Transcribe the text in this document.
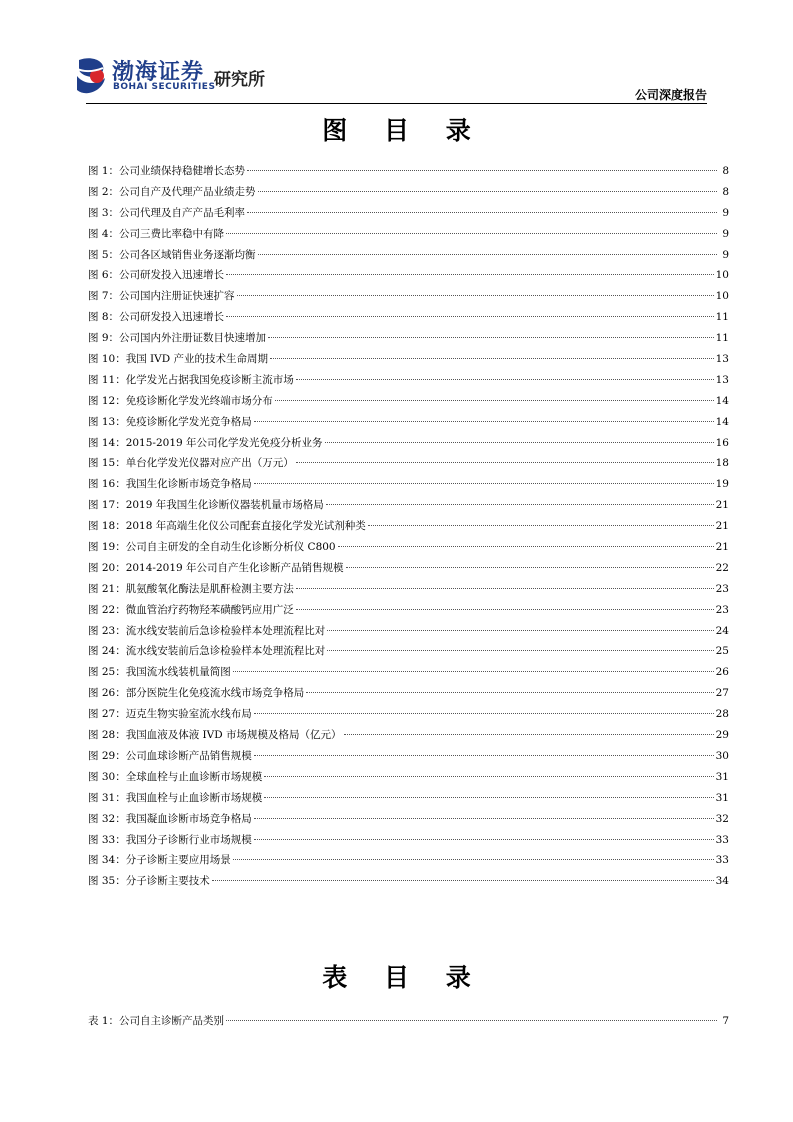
渤海证券
BOHAI SECURITIES
研究所
公司深度报告
图 目 录
图 1：公司业绩保持稳健增长态势	8
图 2：公司自产及代理产品业绩走势	8
图 3：公司代理及自产产品毛利率	9
图 4：公司三费比率稳中有降	9
图 5：公司各区域销售业务逐渐均衡	9
图 6：公司研发投入迅速增长	10
图 7：公司国内注册证快速扩容	10
图 8：公司研发投入迅速增长	11
图 9：公司国内外注册证数目快速增加	11
图 10：我国 IVD 产业的技术生命周期	13
图 11：化学发光占据我国免疫诊断主流市场	13
图 12：免疫诊断化学发光终端市场分布	14
图 13：免疫诊断化学发光竞争格局	14
图 14：2015-2019 年公司化学发光免疫分析业务	16
图 15：单台化学发光仪器对应产出（万元）	18
图 16：我国生化诊断市场竞争格局	19
图 17：2019 年我国生化诊断仪器装机量市场格局	21
图 18：2018 年高端生化仪公司配套直接化学发光试剂种类	21
图 19：公司自主研发的全自动生化诊断分析仪 C800	21
图 20：2014-2019 年公司自产生化诊断产品销售规模	22
图 21：肌氨酸氧化酶法是肌酐检测主要方法	23
图 22：微血管治疗药物羟苯磺酸钙应用广泛	23
图 23：流水线安装前后急诊检验样本处理流程比对	24
图 24：流水线安装前后急诊检验样本处理流程比对	25
图 25：我国流水线装机量简图	26
图 26：部分医院生化免疫流水线市场竞争格局	27
图 27：迈克生物实验室流水线布局	28
图 28：我国血液及体液 IVD 市场规模及格局（亿元）	29
图 29：公司血球诊断产品销售规模	30
图 30：全球血栓与止血诊断市场规模	31
图 31：我国血栓与止血诊断市场规模	31
图 32：我国凝血诊断市场竞争格局	32
图 33：我国分子诊断行业市场规模	33
图 34：分子诊断主要应用场景	33
图 35：分子诊断主要技术	34
表 目 录
表 1：公司自主诊断产品类别	7
